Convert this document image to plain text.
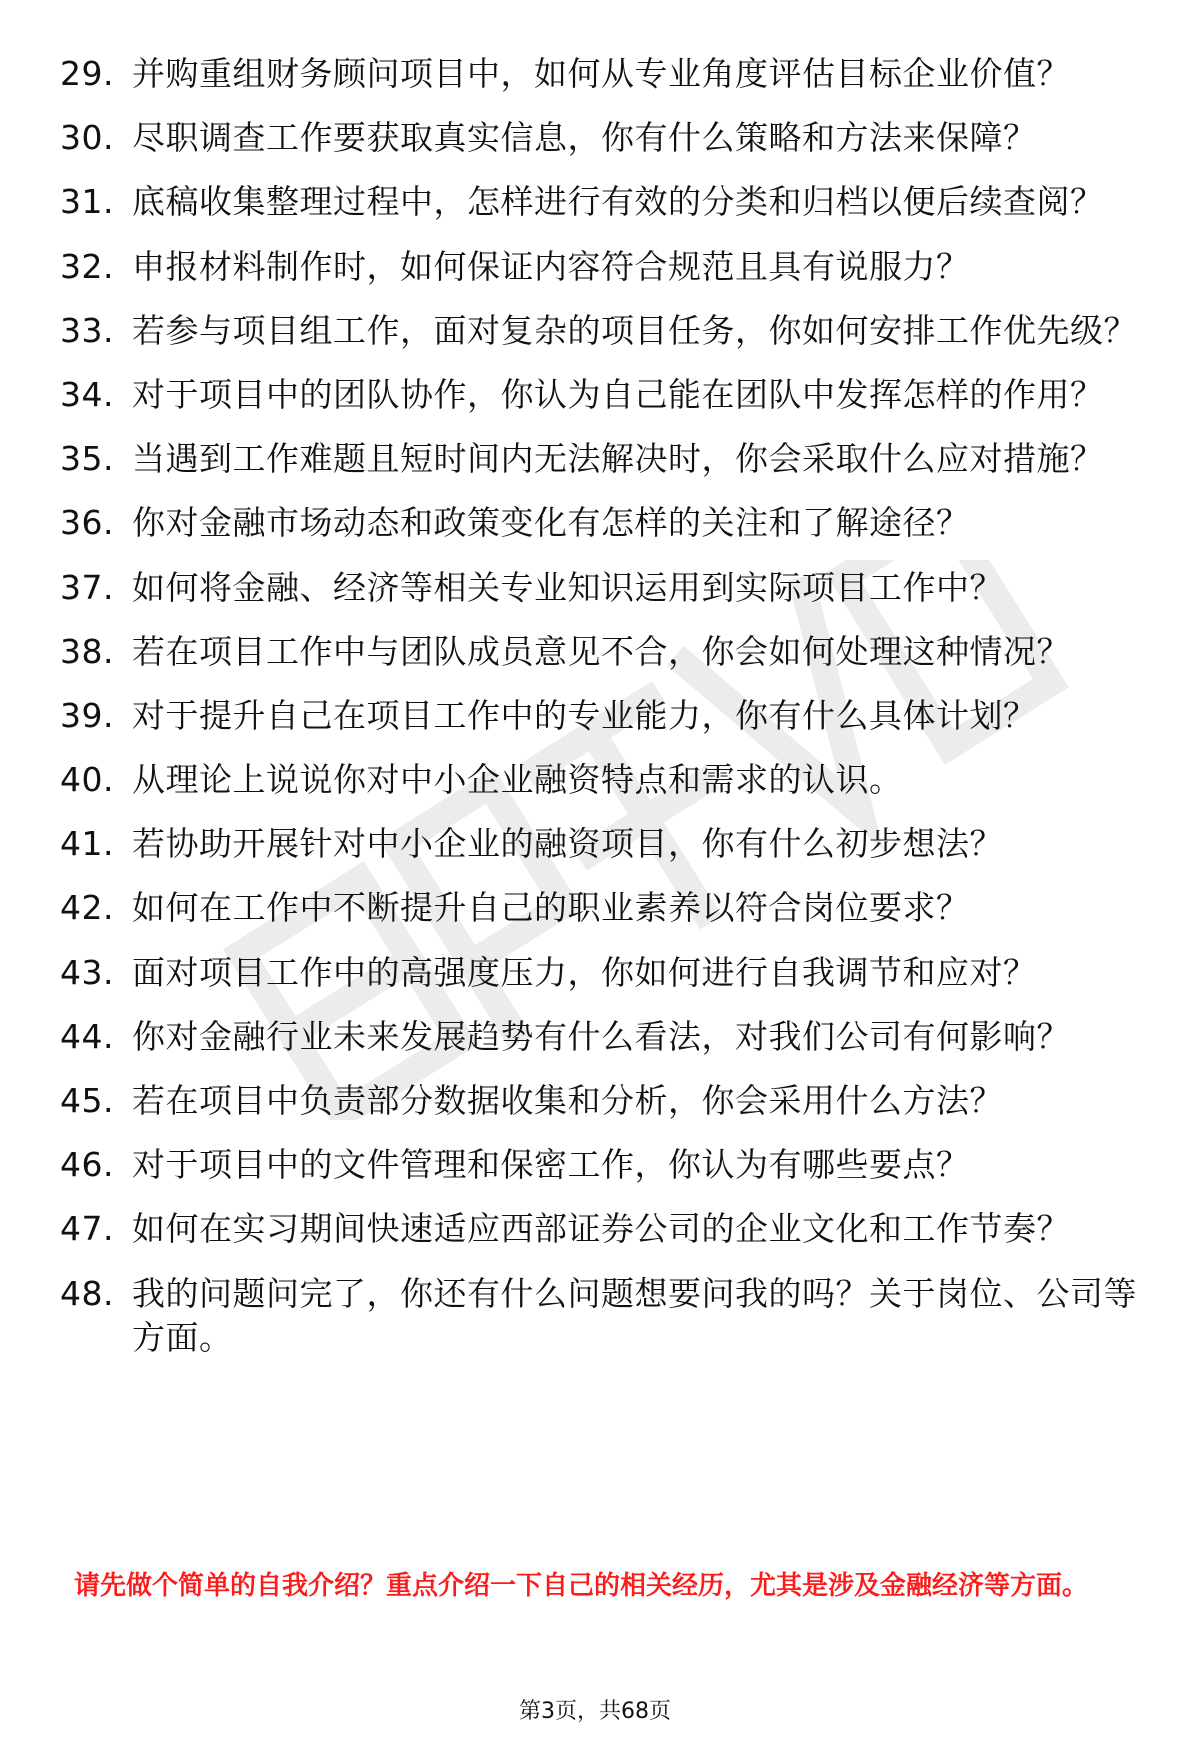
29. 并购重组财务顾问项目中，如何从专业角度评估目标企业价值？
30. 尽职调查工作要获取真实信息，你有什么策略和方法来保障？
31. 底稿收集整理过程中，怎样进行有效的分类和归档以便后续查阅？
32. 申报材料制作时，如何保证内容符合规范且具有说服力？
33. 若参与项目组工作，面对复杂的项目任务，你如何安排工作优先级？
34. 对于项目中的团队协作，你认为自己能在团队中发挥怎样的作用？
35. 当遇到工作难题且短时间内无法解决时，你会采取什么应对措施？
36. 你对金融市场动态和政策变化有怎样的关注和了解途径？
37. 如何将金融、经济等相关专业知识运用到实际项目工作中？
38. 若在项目工作中与团队成员意见不合，你会如何处理这种情况？
39. 对于提升自己在项目工作中的专业能力，你有什么具体计划？
40. 从理论上说说你对中小企业融资特点和需求的认识。
41. 若协助开展针对中小企业的融资项目，你有什么初步想法？
42. 如何在工作中不断提升自己的职业素养以符合岗位要求？
43. 面对项目工作中的高强度压力，你如何进行自我调节和应对？
44. 你对金融行业未来发展趋势有什么看法，对我们公司有何影响？
45. 若在项目中负责部分数据收集和分析，你会采用什么方法？
46. 对于项目中的文件管理和保密工作，你认为有哪些要点？
47. 如何在实习期间快速适应西部证券公司的企业文化和工作节奏？
48. 我的问题问完了，你还有什么问题想要问我的吗？关于岗位、公司等方面。

请先做个简单的自我介绍？重点介绍一下自己的相关经历，尤其是涉及金融经济等方面。

第3页，共68页
